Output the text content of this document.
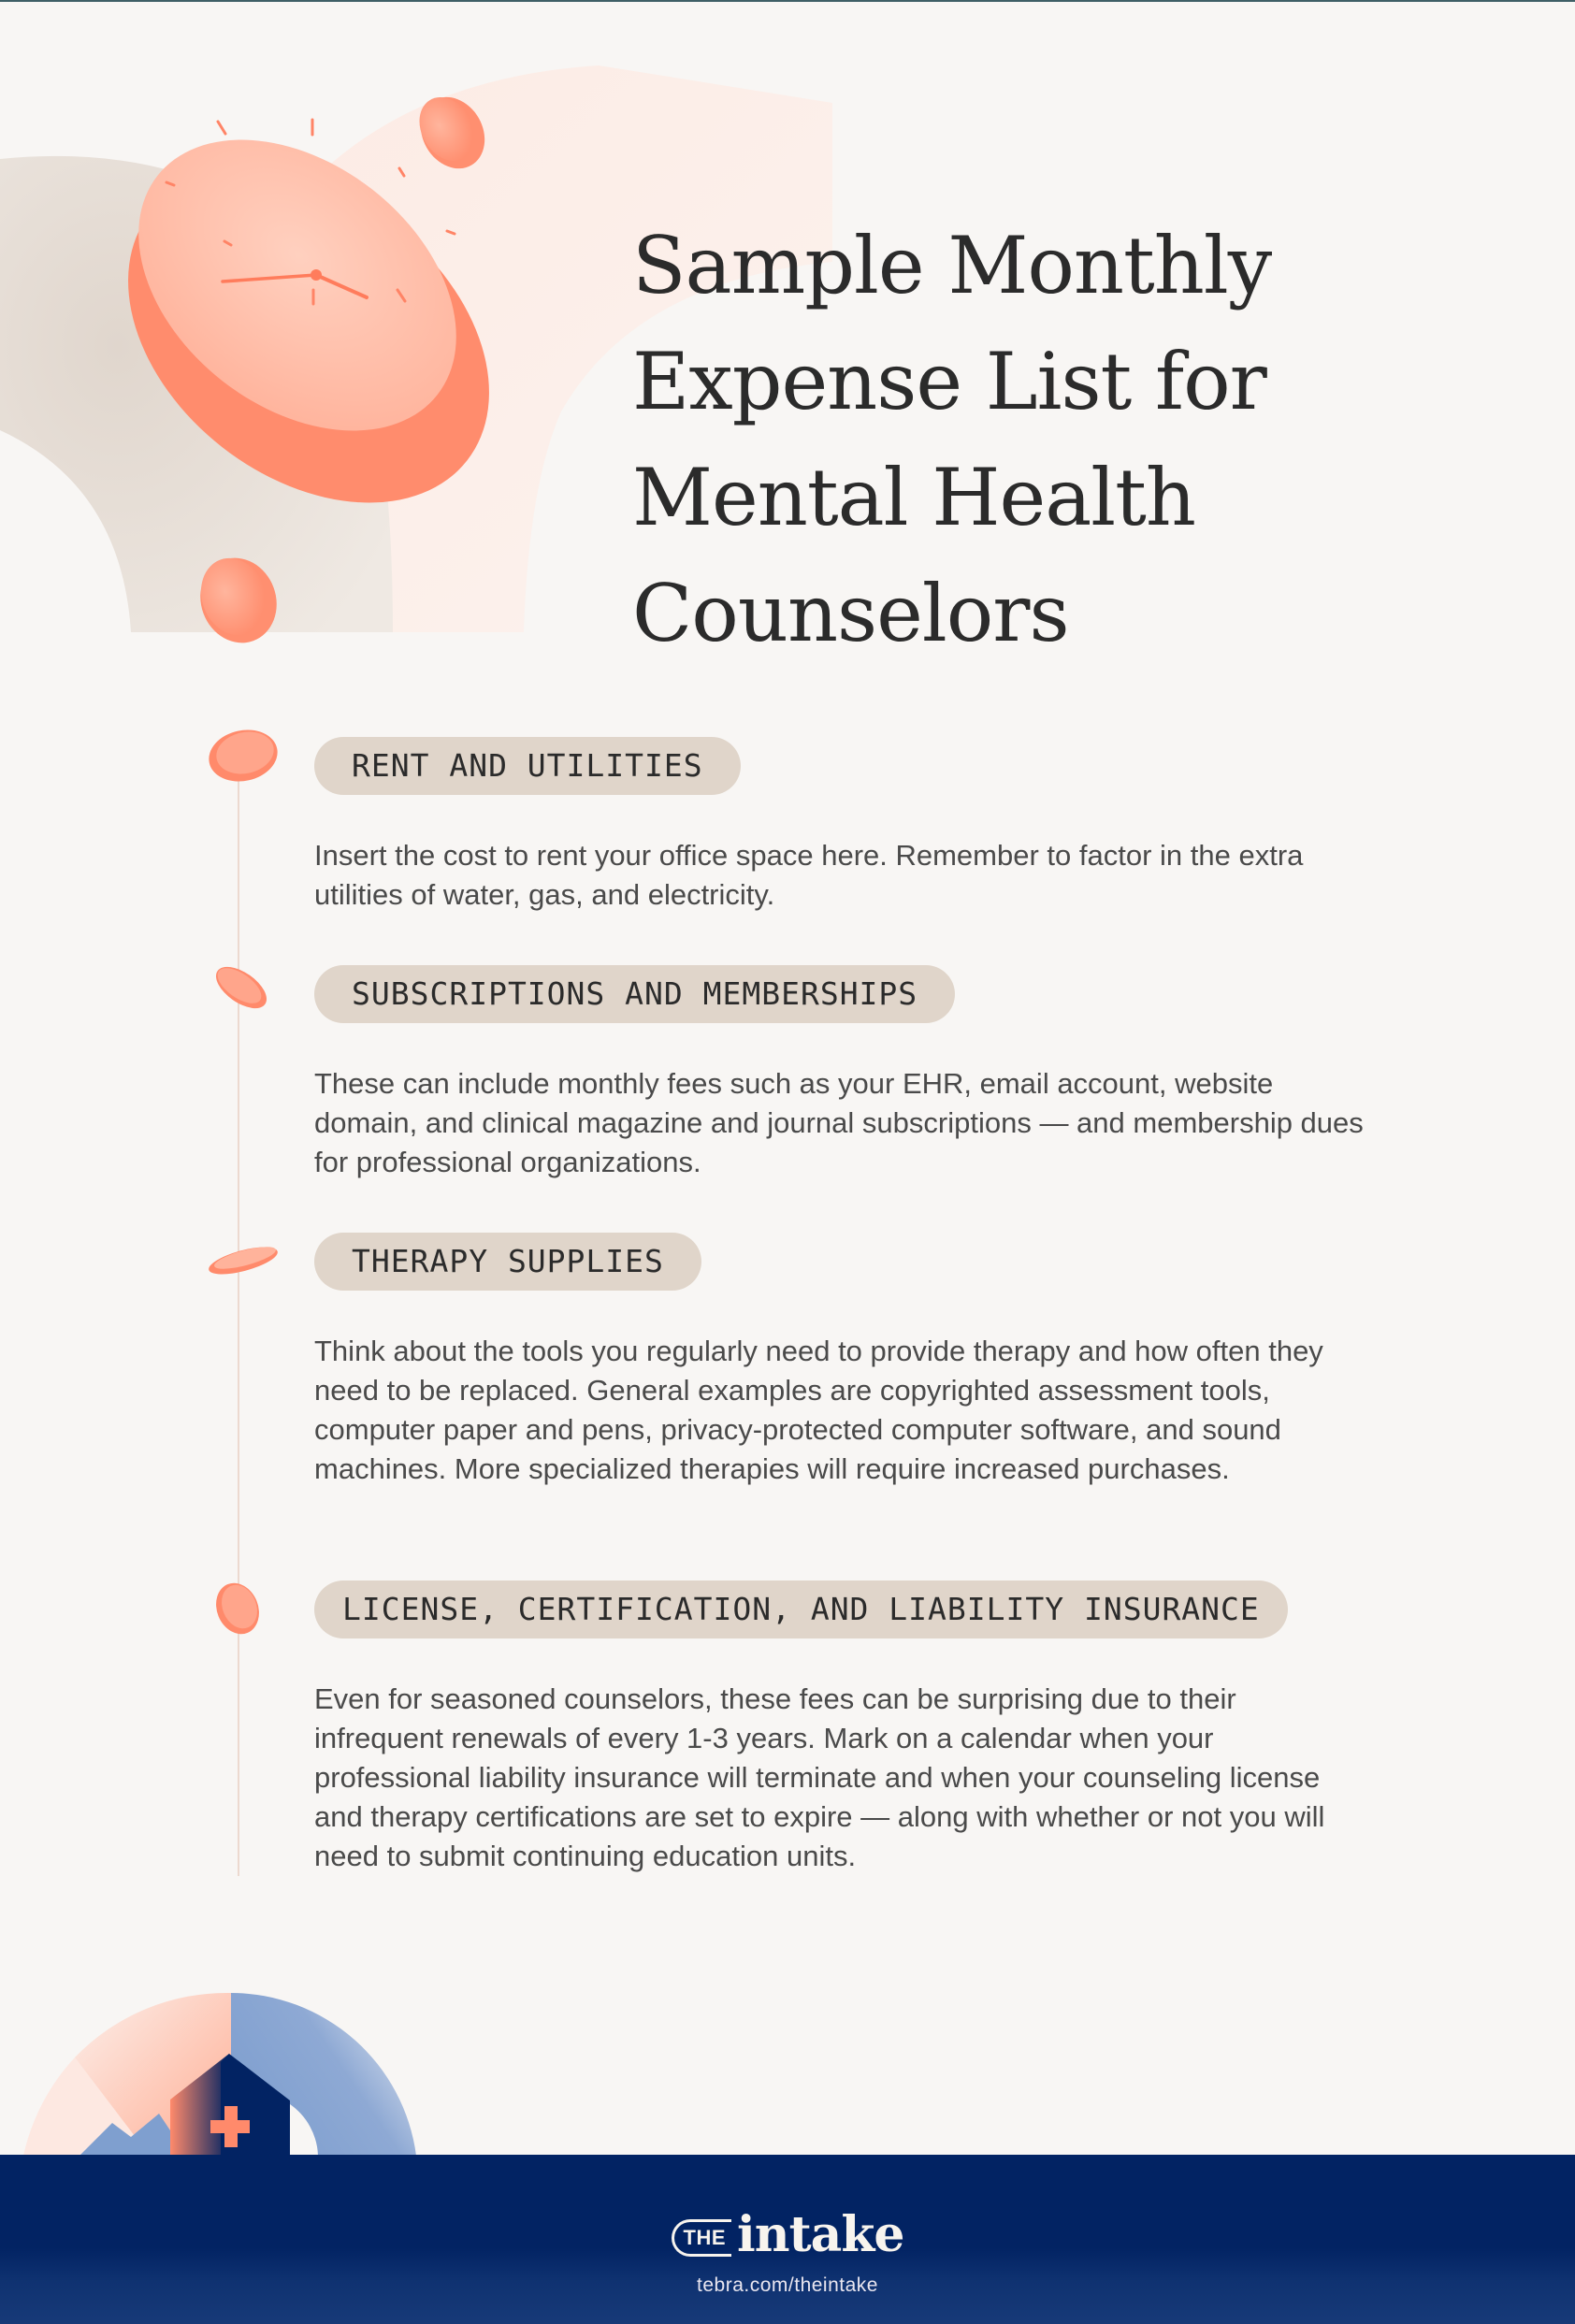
Sample Monthly
Expense List for
Mental Health
Counselors
RENT AND UTILITIES

Insert the cost to rent your office space here. Remember to factor in the extra utilities of water, gas, and electricity.

SUBSCRIPTIONS AND MEMBERSHIPS

These can include monthly fees such as your EHR, email account, website domain, and clinical magazine and journal subscriptions — and membership dues for professional organizations.

THERAPY SUPPLIES

Think about the tools you regularly need to provide therapy and how often they need to be replaced. General examples are copyrighted assessment tools, computer paper and pens, privacy-protected computer software, and sound machines. More specialized therapies will require increased purchases.

LICENSE, CERTIFICATION, AND LIABILITY INSURANCE

Even for seasoned counselors, these fees can be surprising due to their infrequent renewals of every 1-3 years. Mark on a calendar when your professional liability insurance will terminate and when your counseling license and therapy certifications are set to expire — along with whether or not you will need to submit continuing education units.

THE intake
tebra.com/theintake
